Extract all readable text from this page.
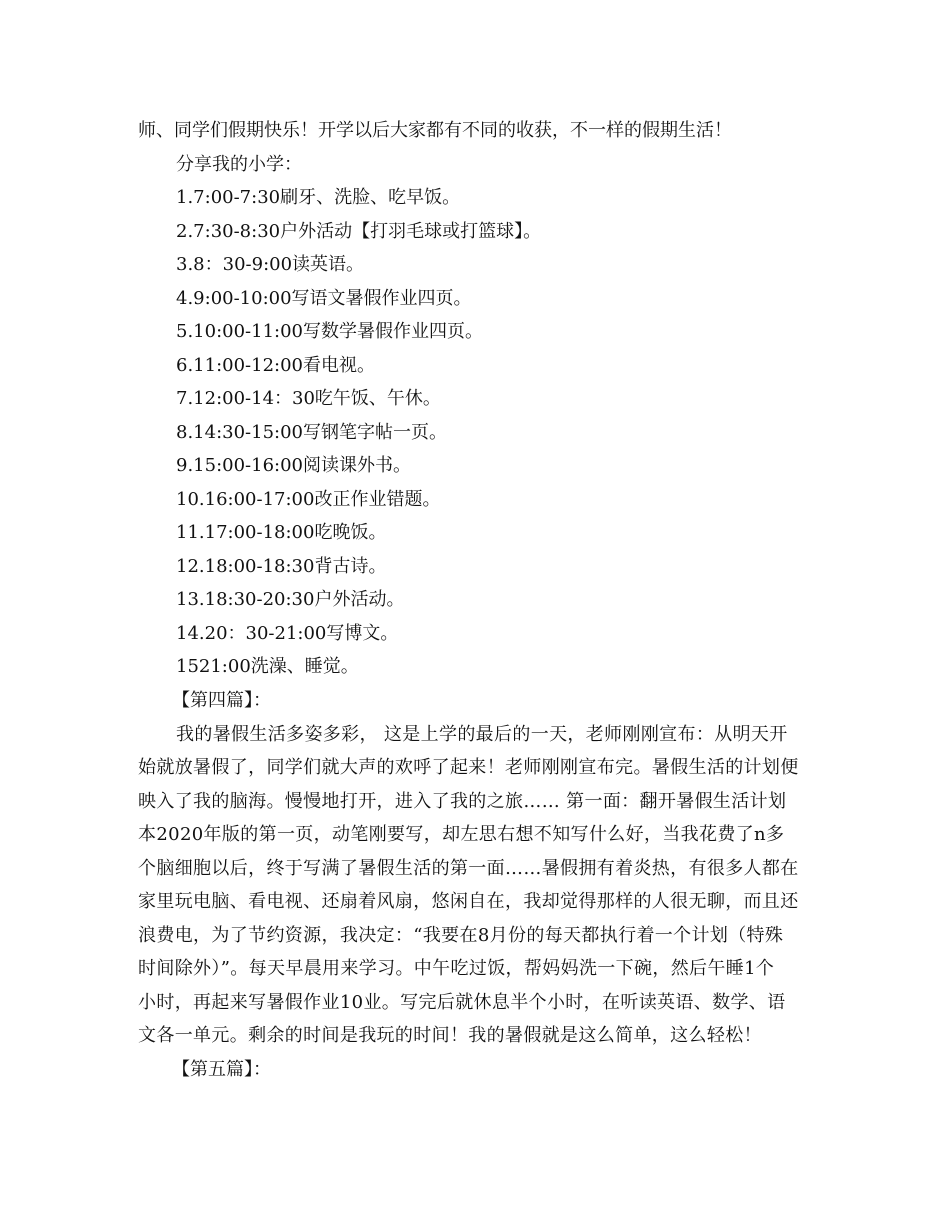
师、同学们假期快乐！开学以后大家都有不同的收获，不一样的假期生活！
分享我的小学：
1.7:00-7:30刷牙、洗脸、吃早饭。
2.7:30-8:30户外活动【打羽毛球或打篮球】。
3.8：30-9:00读英语。
4.9:00-10:00写语文暑假作业四页。
5.10:00-11:00写数学暑假作业四页。
6.11:00-12:00看电视。
7.12:00-14：30吃午饭、午休。
8.14:30-15:00写钢笔字帖一页。
9.15:00-16:00阅读课外书。
10.16:00-17:00改正作业错题。
11.17:00-18:00吃晚饭。
12.18:00-18:30背古诗。
13.18:30-20:30户外活动。
14.20：30-21:00写博文。
1521:00洗澡、睡觉。
【第四篇】：
我的暑假生活多姿多彩， 这是上学的最后的一天，老师刚刚宣布：从明天开
始就放暑假了，同学们就大声的欢呼了起来！老师刚刚宣布完。暑假生活的计划便
映入了我的脑海。慢慢地打开，进入了我的之旅…… 第一面：翻开暑假生活计划
本2020年版的第一页，动笔刚要写，却左思右想不知写什么好，当我花费了n多
个脑细胞以后，终于写满了暑假生活的第一面……暑假拥有着炎热，有很多人都在
家里玩电脑、看电视、还扇着风扇，悠闲自在，我却觉得那样的人很无聊，而且还
浪费电，为了节约资源，我决定：“我要在8月份的每天都执行着一个计划（特殊
时间除外）”。每天早晨用来学习。中午吃过饭，帮妈妈洗一下碗，然后午睡1个
小时，再起来写暑假作业10业。写完后就休息半个小时，在听读英语、数学、语
文各一单元。剩余的时间是我玩的时间！我的暑假就是这么简单，这么轻松！
【第五篇】：
